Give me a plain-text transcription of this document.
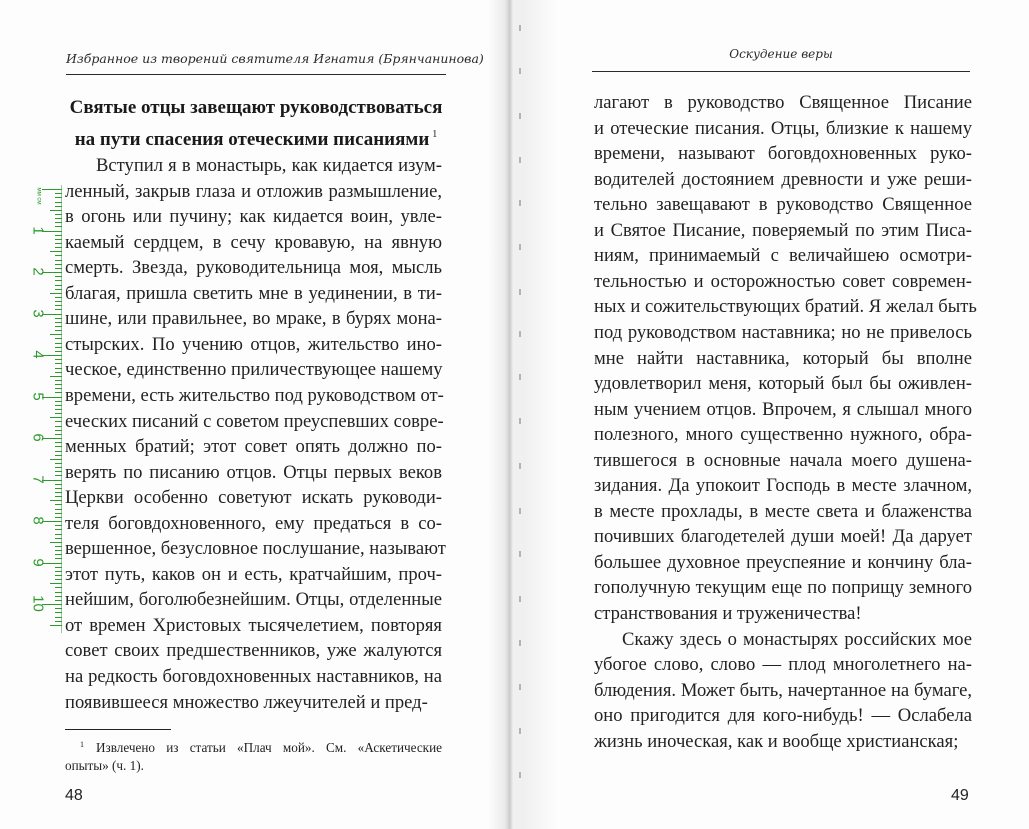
Избранное из творений святителя Игнатия (Брянчанинова)
Святые отцы завещают руководствоваться
на пути спасения отеческими писаниями $^1$
Вступил я в монастырь, как кидается изум-
ленный, закрыв глаза и отложив размышление,
в огонь или пучину; как кидается воин, увле-
каемый сердцем, в сечу кровавую, на явную
смерть. Звезда, руководительница моя, мысль
благая, пришла светить мне в уединении, в ти-
шине, или правильнее, во мраке, в бурях мона-
стырских. По учению отцов, жительство ино-
ческое, единственно приличествующее нашему
времени, есть жительство под руководством от-
еческих писаний с советом преуспевших совре-
менных братий; этот совет опять должно по-
верять по писанию отцов. Отцы первых веков
Церкви особенно советуют искать руководи-
теля боговдохновенного, ему предаться в со-
вершенное, безусловное послушание, называют
этот путь, каков он и есть, кратчайшим, проч-
нейшим, боголюбезнейшим. Отцы, отделенные
от времен Христовых тысячелетием, повторяя
совет своих предшественников, уже жалуются
на редкость боговдохновенных наставников, на
появившееся множество лжеучителей и пред-
$^1$ Извлечено из статьи «Плач мой». См. «Аскетические
опыты» (ч. 1).
48
мм см
1
2
3
4
5
6
7
8
9
10
Оскудение веры
лагают в руководство Священное Писание
и отеческие писания. Отцы, близкие к нашему
времени, называют боговдохновенных руко-
водителей достоянием древности и уже реши-
тельно завещавают в руководство Священное
и Святое Писание, поверяемый по этим Писа-
ниям, принимаемый с величайшею осмотри-
тельностью и осторожностью совет современ-
ных и сожительствующих братий. Я желал быть
под руководством наставника; но не привелось
мне найти наставника, который бы вполне
удовлетворил меня, который был бы оживлен-
ным учением отцов. Впрочем, я слышал много
полезного, много существенно нужного, обра-
тившегося в основные начала моего душена-
зидания. Да упокоит Господь в месте злачном,
в месте прохлады, в месте света и блаженства
почивших благодетелей души моей! Да дарует
большее духовное преуспеяние и кончину бла-
гополучную текущим еще по поприщу земного
странствования и труженичества!
Скажу здесь о монастырях российских мое
убогое слово, слово — плод многолетнего на-
блюдения. Может быть, начертанное на бумаге,
оно пригодится для кого-нибудь! — Ослабела
жизнь иноческая, как и вообще христианская;
49
